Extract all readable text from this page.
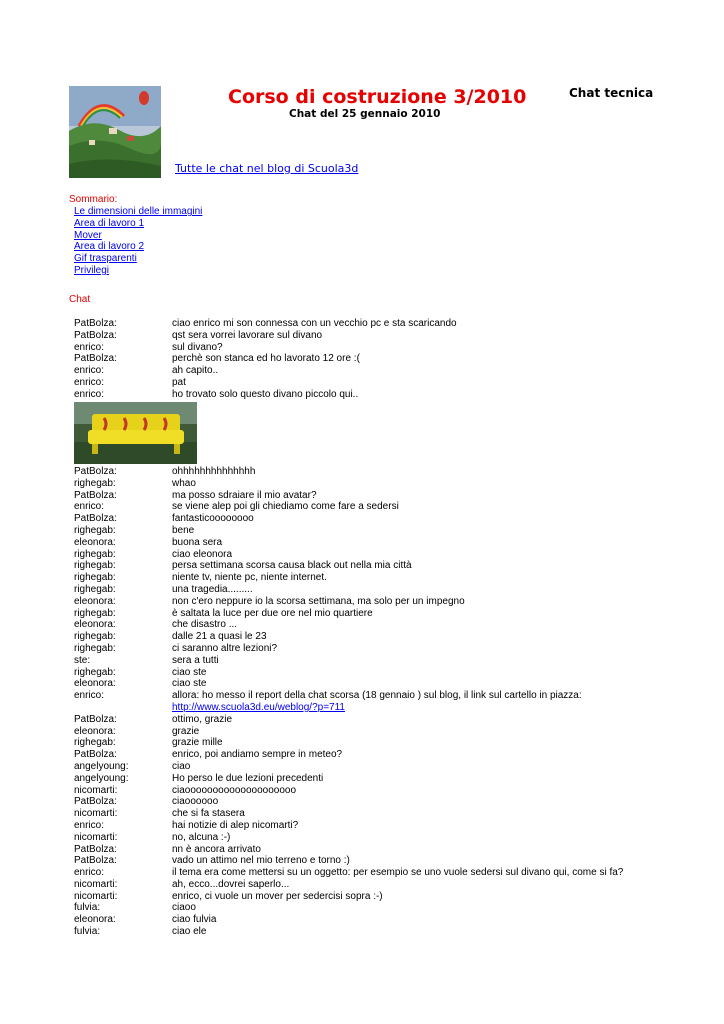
Corso di costruzione 3/2010
Chat del 25 gennaio 2010
Chat tecnica
Tutte le chat nel blog di Scuola3d
Sommario:
Le dimensioni delle immagini
Area di lavoro 1
Mover
Area di lavoro 2
Gif trasparenti
Privilegi
Chat
PatBolza:	ciao enrico mi son connessa con un vecchio pc e sta scaricando
PatBolza:	qst sera vorrei lavorare sul divano
enrico:	sul divano?
PatBolza:	perchè son stanca ed ho lavorato 12 ore :(
enrico:	ah capito..
enrico:	pat
enrico:	ho trovato solo questo divano piccolo qui..
PatBolza:	ohhhhhhhhhhhhhh
righegab:	whao
PatBolza:	ma posso sdraiare il mio avatar?
enrico:	se viene alep poi gli chiediamo come fare a sedersi
PatBolza:	fantasticoooooooo
righegab:	bene
eleonora:	buona sera
righegab:	ciao eleonora
righegab:	persa settimana scorsa causa black out nella mia città
righegab:	niente tv, niente pc, niente internet.
righegab:	una tragedia.........
eleonora:	non c'ero neppure io la scorsa settimana, ma solo per un impegno
righegab:	è saltata la luce per due ore nel mio quartiere
eleonora:	che disastro ...
righegab:	dalle 21 a quasi le 23
righegab:	ci saranno altre lezioni?
ste:	sera a tutti
righegab:	ciao ste
eleonora:	ciao ste
enrico:	allora: ho messo il report della chat scorsa (18 gennaio ) sul blog, il link sul cartello in piazza:
http://www.scuola3d.eu/weblog/?p=711
PatBolza:	ottimo, grazie
eleonora:	grazie
righegab:	grazie mille
PatBolza:	enrico, poi andiamo sempre in meteo?
angelyoung:	ciao
angelyoung:	Ho perso le due lezioni precedenti
nicomarti:	ciaoooooooooooooooooooo
PatBolza:	ciaoooooo
nicomarti:	che si fa stasera
enrico:	hai notizie di alep nicomarti?
nicomarti:	no, alcuna :-)
PatBolza:	nn è ancora arrivato
PatBolza:	vado un attimo nel mio terreno e torno :)
enrico:	il tema era come mettersi su un oggetto: per esempio se uno vuole sedersi sul divano qui, come si fa?
nicomarti:	ah, ecco...dovrei saperlo...
nicomarti:	enrico, ci vuole un mover per sedercisi sopra :-)
fulvia:	ciaoo
eleonora:	ciao fulvia
fulvia:	ciao ele
